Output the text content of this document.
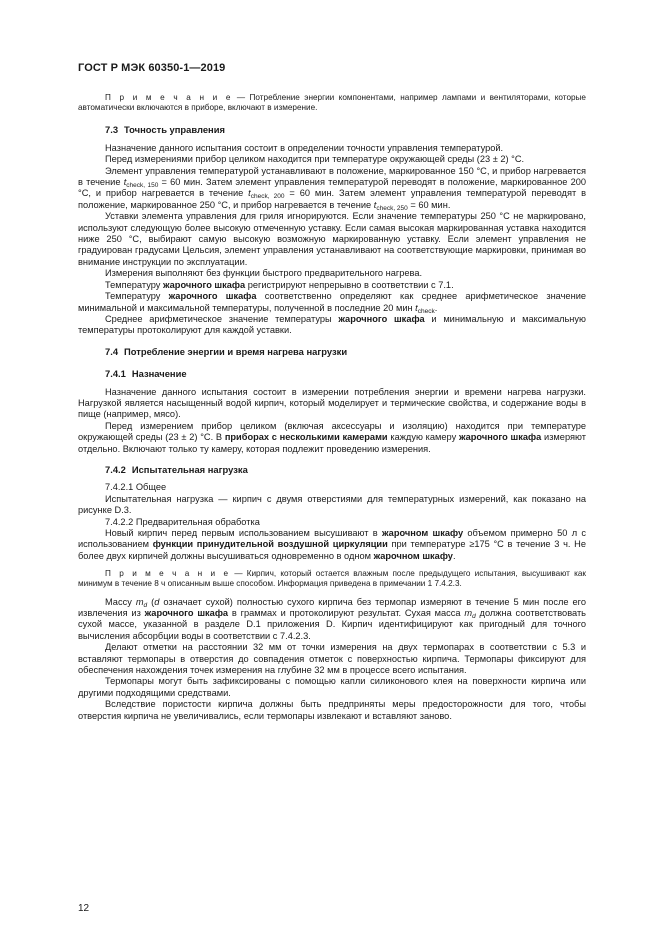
ГОСТ Р МЭК 60350-1—2019

П р и м е ч а н и е — Потребление энергии компонентами, например лампами и вентиляторами, которые автоматически включаются в приборе, включают в измерение.

7.3 Точность управления

Назначение данного испытания состоит в определении точности управления температурой.

Перед измерениями прибор целиком находится при температуре окружающей среды (23 ± 2) °C.

Элемент управления температурой устанавливают в положение, маркированное 150 °C, и прибор нагревается в течение $t_{check, 150} = 60$ мин. Затем элемент управления температурой переводят в положение, маркированное 200 °C, и прибор нагревается в течение $t_{check, 200} = 60$ мин. Затем элемент управления температурой переводят в положение, маркированное 250 °C, и прибор нагревается в течение $t_{check, 250} = 60$ мин.

Уставки элемента управления для гриля игнорируются. Если значение температуры 250 °C не маркировано, используют следующую более высокую отмеченную уставку. Если самая высокая маркированная уставка находится ниже 250 °C, выбирают самую высокую возможную маркированную уставку. Если элемент управления не градуирован градусами Цельсия, элемент управления устанавливают на соответствующие маркировки, принимая во внимание инструкции по эксплуатации.

Измерения выполняют без функции быстрого предварительного нагрева.

Температуру жарочного шкафа регистрируют непрерывно в соответствии с 7.1.

Температуру жарочного шкафа соответственно определяют как среднее арифметическое значение минимальной и максимальной температуры, полученной в последние 20 мин $t_{check}$.

Среднее арифметическое значение температуры жарочного шкафа и минимальную и максимальную температуры протоколируют для каждой уставки.

7.4 Потребление энергии и время нагрева нагрузки
7.4.1 Назначение

Назначение данного испытания состоит в измерении потребления энергии и времени нагрева нагрузки. Нагрузкой является насыщенный водой кирпич, который моделирует и термические свойства, и содержание воды в пище (например, мясо).

Перед измерением прибор целиком (включая аксессуары и изоляцию) находится при температуре окружающей среды (23 ± 2) °C. В приборах с несколькими камерами каждую камеру жарочного шкафа измеряют отдельно. Включают только ту камеру, которая подлежит проведению измерения.

7.4.2 Испытательная нагрузка

7.4.2.1 Общее

Испытательная нагрузка — кирпич с двумя отверстиями для температурных измерений, как показано на рисунке D.3.

7.4.2.2 Предварительная обработка

Новый кирпич перед первым использованием высушивают в жарочном шкафу объемом примерно 50 л с использованием функции принудительной воздушной циркуляции при температуре ≥175 °C в течение 3 ч. Не более двух кирпичей должны высушиваться одновременно в одном жарочном шкафу.

П р и м е ч а н и е — Кирпич, который остается влажным после предыдущего испытания, высушивают как минимум в течение 8 ч описанным выше способом. Информация приведена в примечании 1 7.4.2.3.

Массу $m_d$ (d означает сухой) полностью сухого кирпича без термопар измеряют в течение 5 мин после его извлечения из жарочного шкафа в граммах и протоколируют результат. Сухая масса $m_d$ должна соответствовать сухой массе, указанной в разделе D.1 приложения D. Кирпич идентифицируют как пригодный для точного вычисления абсорбции воды в соответствии с 7.4.2.3.

Делают отметки на расстоянии 32 мм от точки измерения на двух термопарах в соответствии с 5.3 и вставляют термопары в отверстия до совпадения отметок с поверхностью кирпича. Термопары фиксируют для обеспечения нахождения точек измерения на глубине 32 мм в процессе всего испытания.

Термопары могут быть зафиксированы с помощью капли силиконового клея на поверхности кирпича или другими подходящими средствами.

Вследствие пористости кирпича должны быть предприняты меры предосторожности для того, чтобы отверстия кирпича не увеличивались, если термопары извлекают и вставляют заново.

12
